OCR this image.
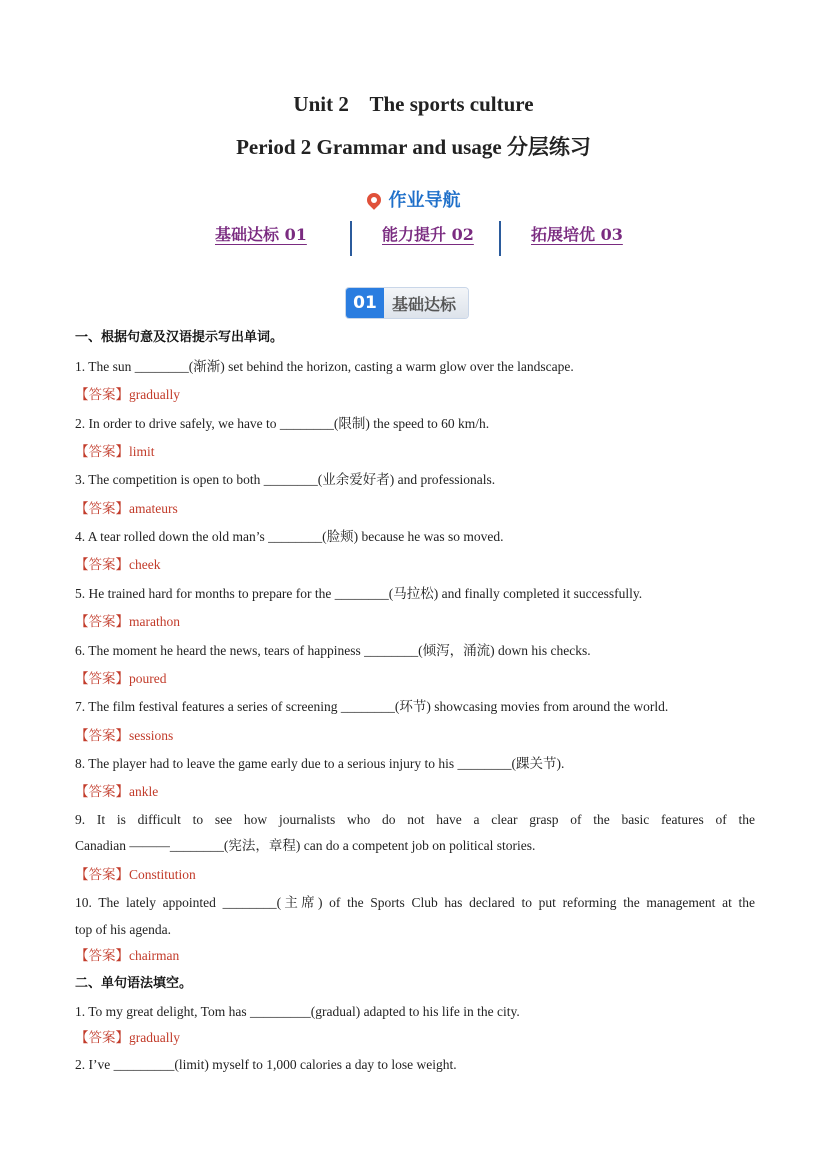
Unit 2    The sports culture
Period 2 Grammar and usage 分层练习
作业导航
基础达标 01	能力提升 02	拓展培优 03
01 基础达标
一、根据句意及汉语提示写出单词。
1. The sun ________(渐渐) set behind the horizon, casting a warm glow over the landscape.
【答案】gradually
2. In order to drive safely, we have to ________(限制) the speed to 60 km/h.
【答案】limit
3. The competition is open to both ________(业余爱好者) and professionals.
【答案】amateurs
4. A tear rolled down the old man’s ________(脸颊) because he was so moved.
【答案】cheek
5. He trained hard for months to prepare for the ________(马拉松) and finally completed it successfully.
【答案】marathon
6. The moment he heard the news, tears of happiness ________(倾泻，涌流) down his checks.
【答案】poured
7. The film festival features a series of screening ________(环节) showcasing movies from around the world.
【答案】sessions
8. The player had to leave the game early due to a serious injury to his ________(踝关节).
【答案】ankle
9. It is difficult to see how journalists who do not have a clear grasp of the basic features of the
Canadian ———________(宪法，章程) can do a competent job on political stories.
【答案】Constitution
10. The lately appointed ________(主席) of the Sports Club has declared to put reforming the management at the
top of his agenda.
【答案】chairman
二、单句语法填空。
1. To my great delight, Tom has _________(gradual) adapted to his life in the city.
【答案】gradually
2. I’ve _________(limit) myself to 1,000 calories a day to lose weight.
